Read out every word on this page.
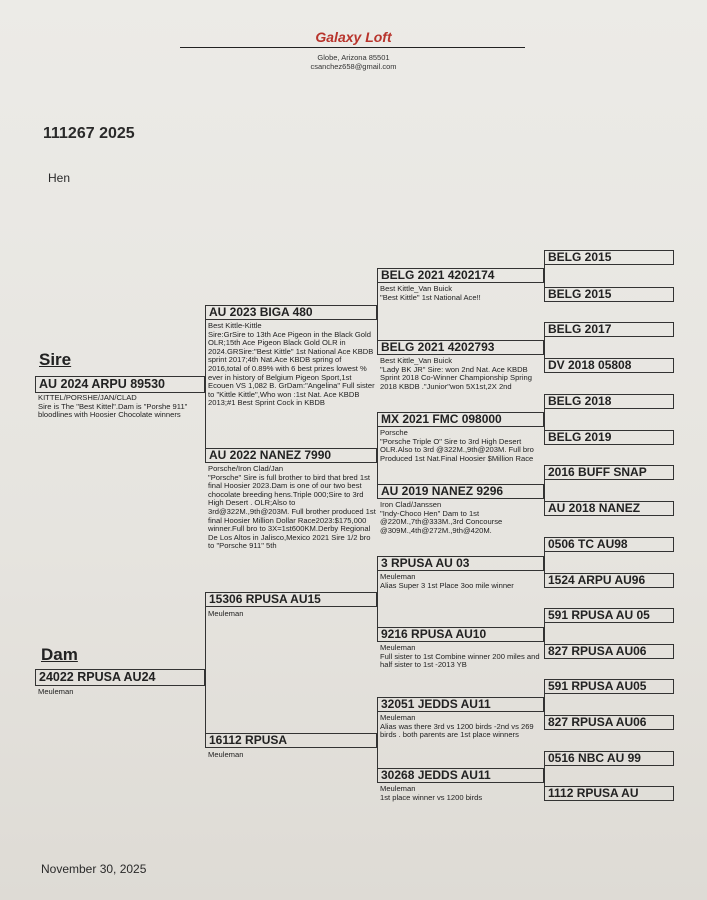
Galaxy Loft
Globe, Arizona 85501
csanchez658@gmail.com
111267 2025
Hen
Sire
AU 2024 ARPU 89530
KITTEL/PORSHE/JAN/CLAD
Sire is The "Best Kittel".Dam is "Porshe 911" bloodlines with Hoosier Chocolate winners
AU 2023 BIGA 480
Best Kittle-Kittle
Sire:GrSire to 13th Ace Pigeon in the Black Gold OLR;15th Ace Pigeon Black Gold OLR in 2024.GRSire:"Best Kittle" 1st National Ace KBDB sprint 2017;4th Nat.Ace KBDB spring of 2016,total of 0.89% with 6 best prizes lowest % ever in history of Belgium Pigeon Sport,1st Ecouen VS 1,082 B. GrDam:"Angelina" Full sister to "Kittle Kittle",Who won :1st Nat. Ace KBDB 2013;#1 Best Sprint Cock in KBDB
AU 2022 NANEZ 7990
Porsche/Iron Clad/Jan
"Porsche" Sire is full brother to bird that bred 1st final Hoosier 2023.Dam is one of our two best chocolate breeding hens.Triple 000;Sire to 3rd High Desert . OLR;Also to 3rd@322M.,9th@203M. Full brother produced 1st final Hoosier Million Dollar Race2023:$175,000 winner.Full bro to 3X=1st600KM.Derby Regional De Los Altos in Jalisco,Mexico 2021 Sire 1/2 bro to "Porsche 911" 5th
BELG 2021 4202174
Best Kittle_Van Buick
"Best Kittle" 1st National Ace!!
BELG 2021 4202793
Best Kittle_Van Buick
"Lady BK JR" Sire: won 2nd Nat. Ace KBDB Sprint 2018 Co-Winner Championship Spring 2018 KBDB ."Junior"won 5X1st,2X 2nd
MX 2021 FMC 098000
Porsche
"Porsche Triple O" Sire to 3rd High Desert OLR.Also to 3rd @322M.,9th@203M. Full bro Produced 1st Nat.Final Hoosier $Million Race
AU 2019 NANEZ 9296
Iron Clad/Janssen
"Indy-Choco Hen" Dam to 1st @220M.,7th@333M.,3rd Concourse @309M.,4th@272M.,9th@420M.
BELG 2015
BELG 2015
BELG 2017
DV 2018 05808
BELG 2018
BELG 2019
2016 BUFF SNAP
AU 2018 NANEZ
Dam
24022 RPUSA AU24
Meuleman
15306 RPUSA AU15
Meuleman
16112 RPUSA
Meuleman
3 RPUSA AU 03
Meuleman
Alias Super 3 1st Place 3oo mile winner
9216 RPUSA AU10
Meuleman
Full sister to 1st Combine winner 200 miles and half sister to 1st -2013 YB
32051 JEDDS AU11
Meuleman
Alias was there 3rd vs 1200 birds -2nd vs 269 birds . both parents are 1st place winners
30268 JEDDS AU11
Meuleman
1st place winner vs 1200 birds
0506 TC AU98
1524 ARPU AU96
591 RPUSA AU 05
827 RPUSA AU06
591 RPUSA AU05
827 RPUSA AU06
0516 NBC AU 99
1112 RPUSA AU
November 30, 2025
